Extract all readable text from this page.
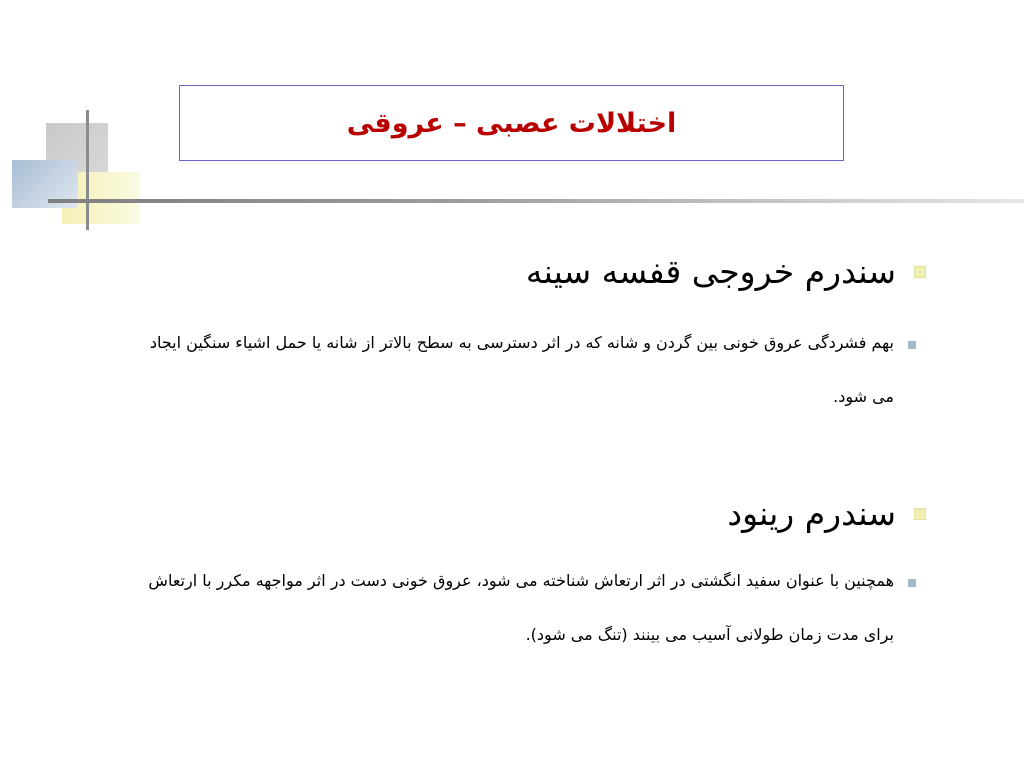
اختلالات عصبی – عروقی
سندرم خروجی قفسه سینه
بهم فشردگی عروق خونی بین گردن و شانه که در اثر دسترسی به سطح بالاتر از شانه یا حمل اشیاء سنگین ایجاد می شود.
سندرم رینود
همچنین با عنوان سفید انگشتی در اثر ارتعاش شناخته می شود، عروق خونی دست در اثر مواجهه مکرر با ارتعاش برای مدت زمان طولانی آسیب می بینند (تنگ می شود).
